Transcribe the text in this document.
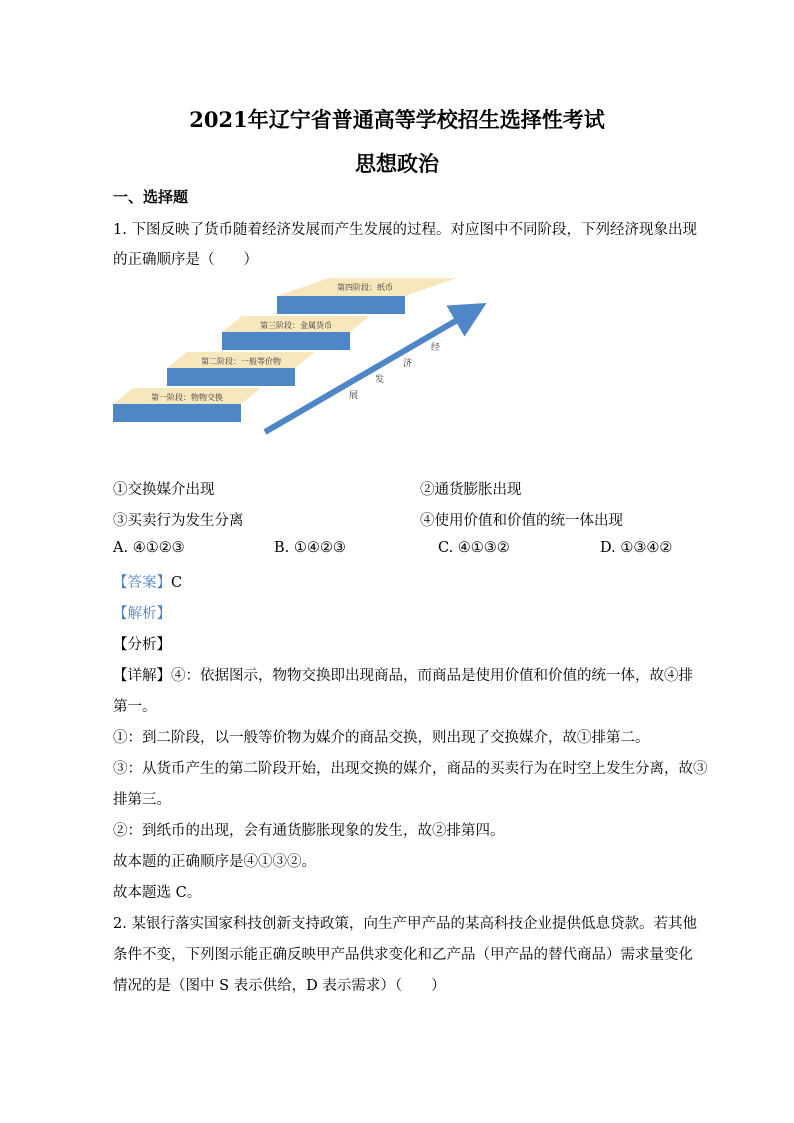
2021年辽宁省普通高等学校招生选择性考试
思想政治
一、选择题
1. 下图反映了货币随着经济发展而产生发展的过程。对应图中不同阶段，下列经济现象出现
的正确顺序是（　　）
第一阶段：物物交换
第二阶段：一般等价物
第三阶段：金属货币
第四阶段：纸币
经
济
发
展
①交换媒介出现	②通货膨胀出现
③买卖行为发生分离	④使用价值和价值的统一体出现
A. ④①②③	B. ①④②③	C. ④①③②	D. ①③④②
【答案】C
【解析】
【分析】
【详解】④：依据图示，物物交换即出现商品，而商品是使用价值和价值的统一体，故④排
第一。
①：到二阶段，以一般等价物为媒介的商品交换，则出现了交换媒介，故①排第二。
③：从货币产生的第二阶段开始，出现交换的媒介，商品的买卖行为在时空上发生分离，故③
排第三。
②：到纸币的出现，会有通货膨胀现象的发生，故②排第四。
故本题的正确顺序是④①③②。
故本题选 C。
2. 某银行落实国家科技创新支持政策，向生产甲产品的某高科技企业提供低息贷款。若其他
条件不变，下列图示能正确反映甲产品供求变化和乙产品（甲产品的替代商品）需求量变化
情况的是（图中 S 表示供给，D 表示需求）（　　）
